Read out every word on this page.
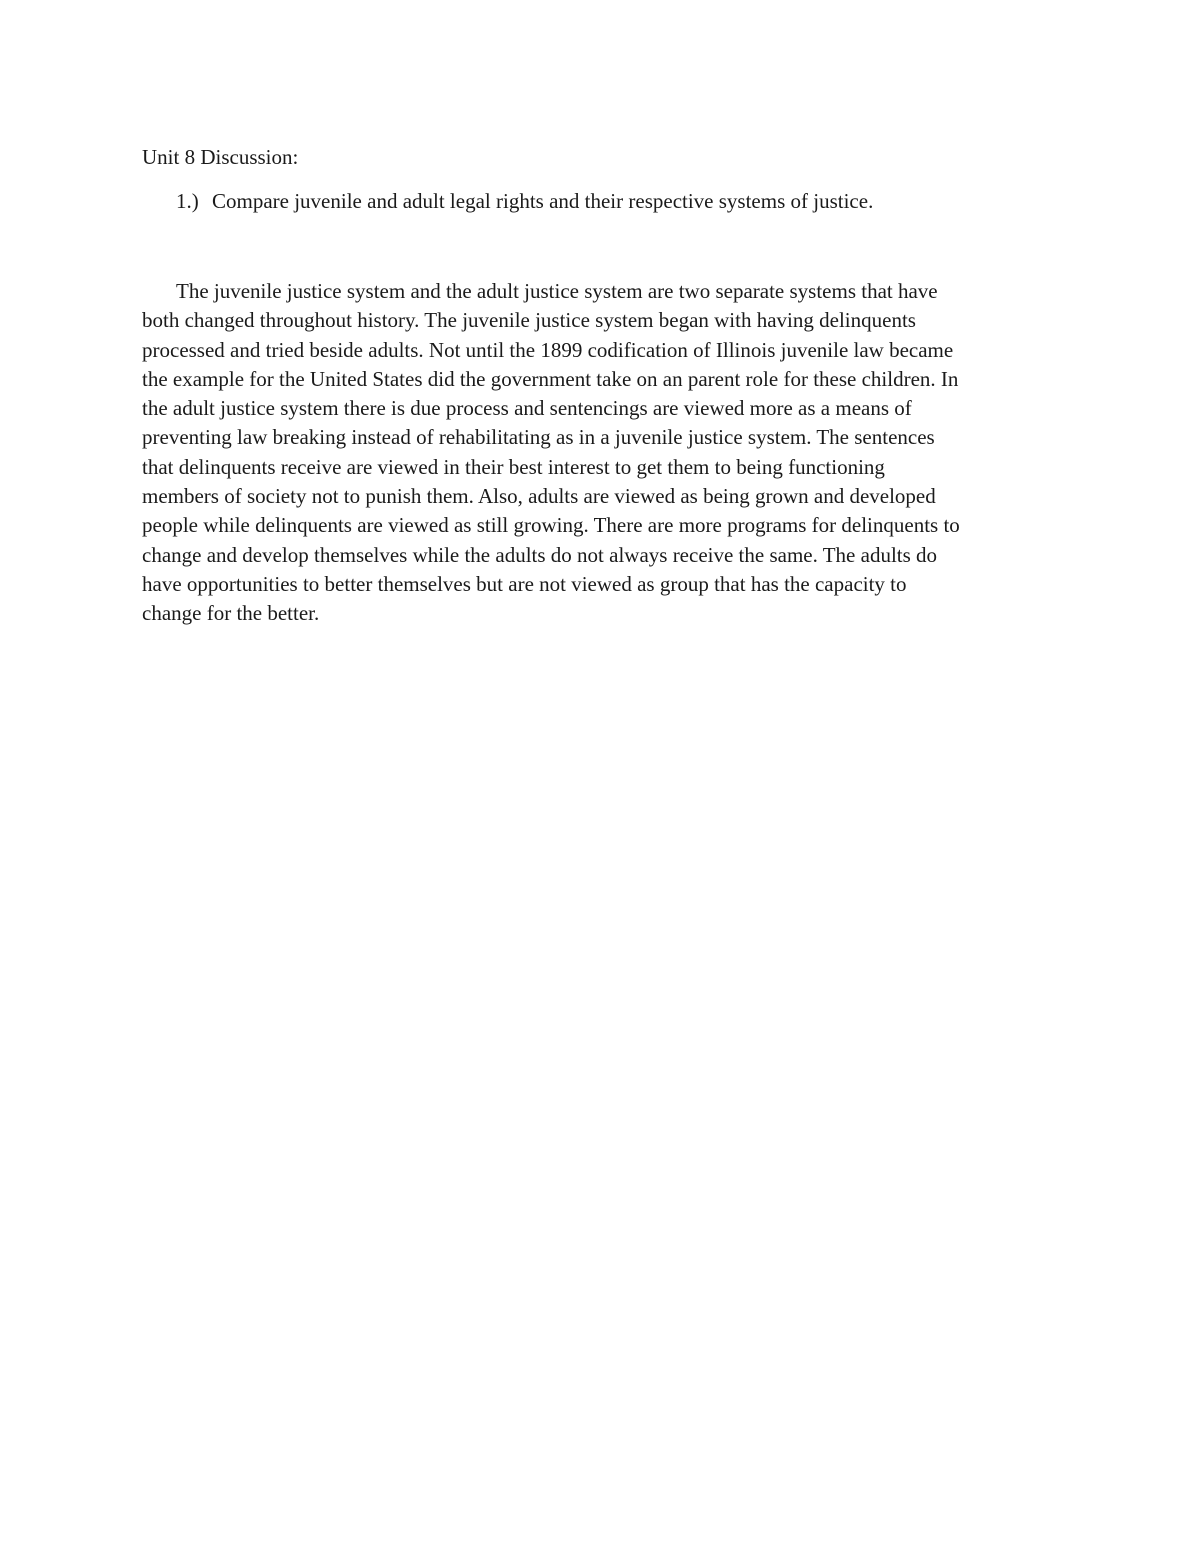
Unit 8 Discussion:
1.) Compare juvenile and adult legal rights and their respective systems of justice.
The juvenile justice system and the adult justice system are two separate systems that have
both changed throughout history. The juvenile justice system began with having delinquents
processed and tried beside adults. Not until the 1899 codification of Illinois juvenile law became
the example for the United States did the government take on an parent role for these children. In
the adult justice system there is due process and sentencings are viewed more as a means of
preventing law breaking instead of rehabilitating as in a juvenile justice system. The sentences
that delinquents receive are viewed in their best interest to get them to being functioning
members of society not to punish them. Also, adults are viewed as being grown and developed
people while delinquents are viewed as still growing. There are more programs for delinquents to
change and develop themselves while the adults do not always receive the same. The adults do
have opportunities to better themselves but are not viewed as group that has the capacity to
change for the better.
